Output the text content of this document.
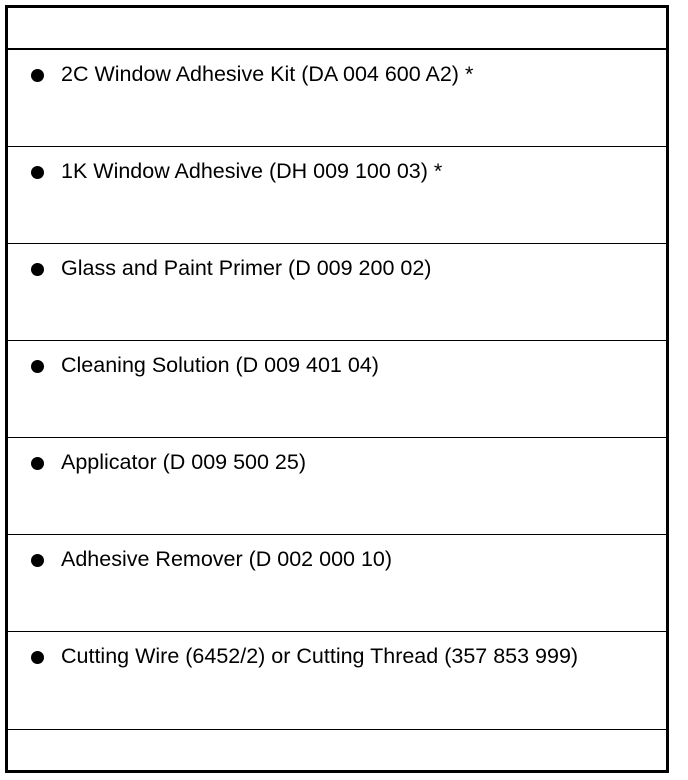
2C Window Adhesive Kit (DA 004 600 A2) *
1K Window Adhesive (DH 009 100 03) *
Glass and Paint Primer (D 009 200 02)
Cleaning Solution (D 009 401 04)
Applicator (D 009 500 25)
Adhesive Remover (D 002 000 10)
Cutting Wire (6452/2) or Cutting Thread (357 853 999)
